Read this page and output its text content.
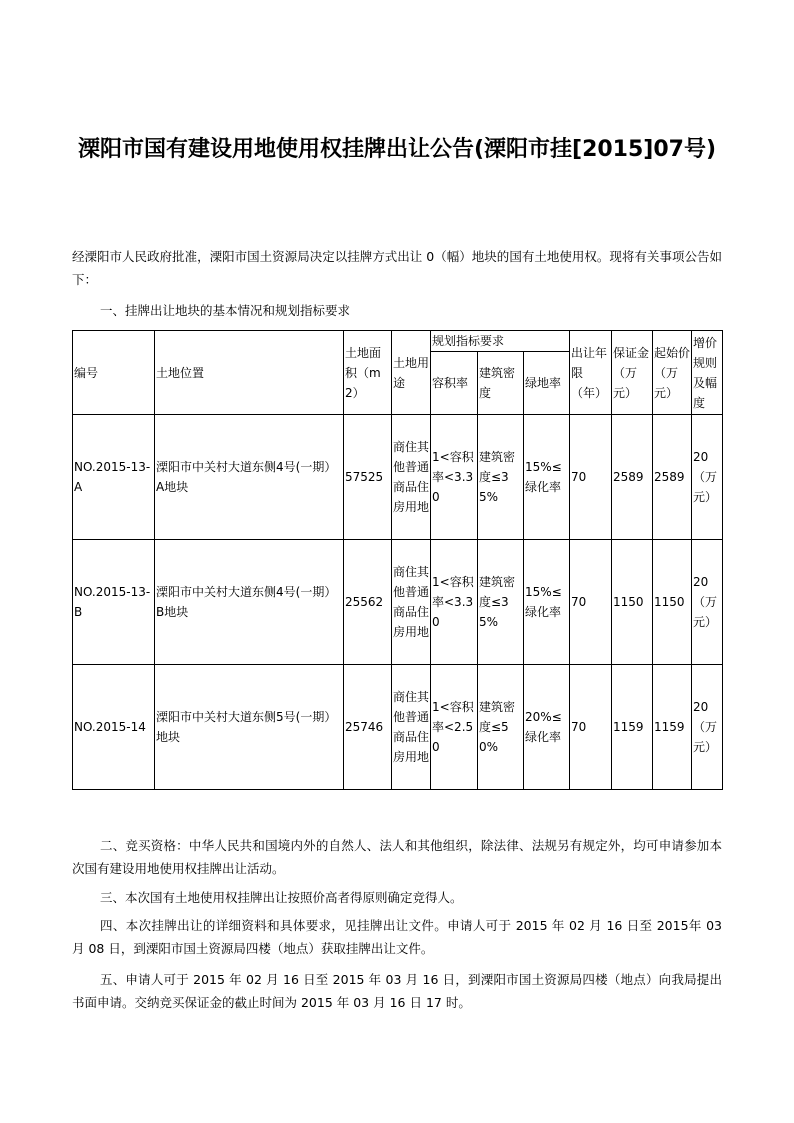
溧阳市国有建设用地使用权挂牌出让公告(溧阳市挂[2015]07号)
经溧阳市人民政府批准，溧阳市国土资源局决定以挂牌方式出让 0（幅）地块的国有土地使用权。现将有关事项公告如下：
一、挂牌出让地块的基本情况和规划指标要求
编号	土地位置	土地面积（m2）	土地用途	规划指标要求			出让年限（年）	保证金（万元）	起始价（万元）	增价规则及幅度
				容积率	建筑密度	绿地率				
NO.2015-13-A	溧阳市中关村大道东侧4号(一期）A地块	57525	商住其他普通商品住房用地	1<容积率<3.30	建筑密度≤35%	15%≤绿化率	70	2589	2589	20（万元）
NO.2015-13-B	溧阳市中关村大道东侧4号(一期）B地块	25562	商住其他普通商品住房用地	1<容积率<3.30	建筑密度≤35%	15%≤绿化率	70	1150	1150	20（万元）
NO.2015-14	溧阳市中关村大道东侧5号(一期）地块	25746	商住其他普通商品住房用地	1<容积率<2.50	建筑密度≤50%	20%≤绿化率	70	1159	1159	20（万元）
二、竞买资格：中华人民共和国境内外的自然人、法人和其他组织，除法律、法规另有规定外，均可申请参加本次国有建设用地使用权挂牌出让活动。
三、本次国有土地使用权挂牌出让按照价高者得原则确定竞得人。
四、本次挂牌出让的详细资料和具体要求，见挂牌出让文件。申请人可于 2015 年 02 月 16 日至 2015年 03 月 08 日，到溧阳市国土资源局四楼（地点）获取挂牌出让文件。
五、申请人可于 2015 年 02 月 16 日至 2015 年 03 月 16 日，到溧阳市国土资源局四楼（地点）向我局提出书面申请。交纳竞买保证金的截止时间为 2015 年 03 月 16 日 17 时。
